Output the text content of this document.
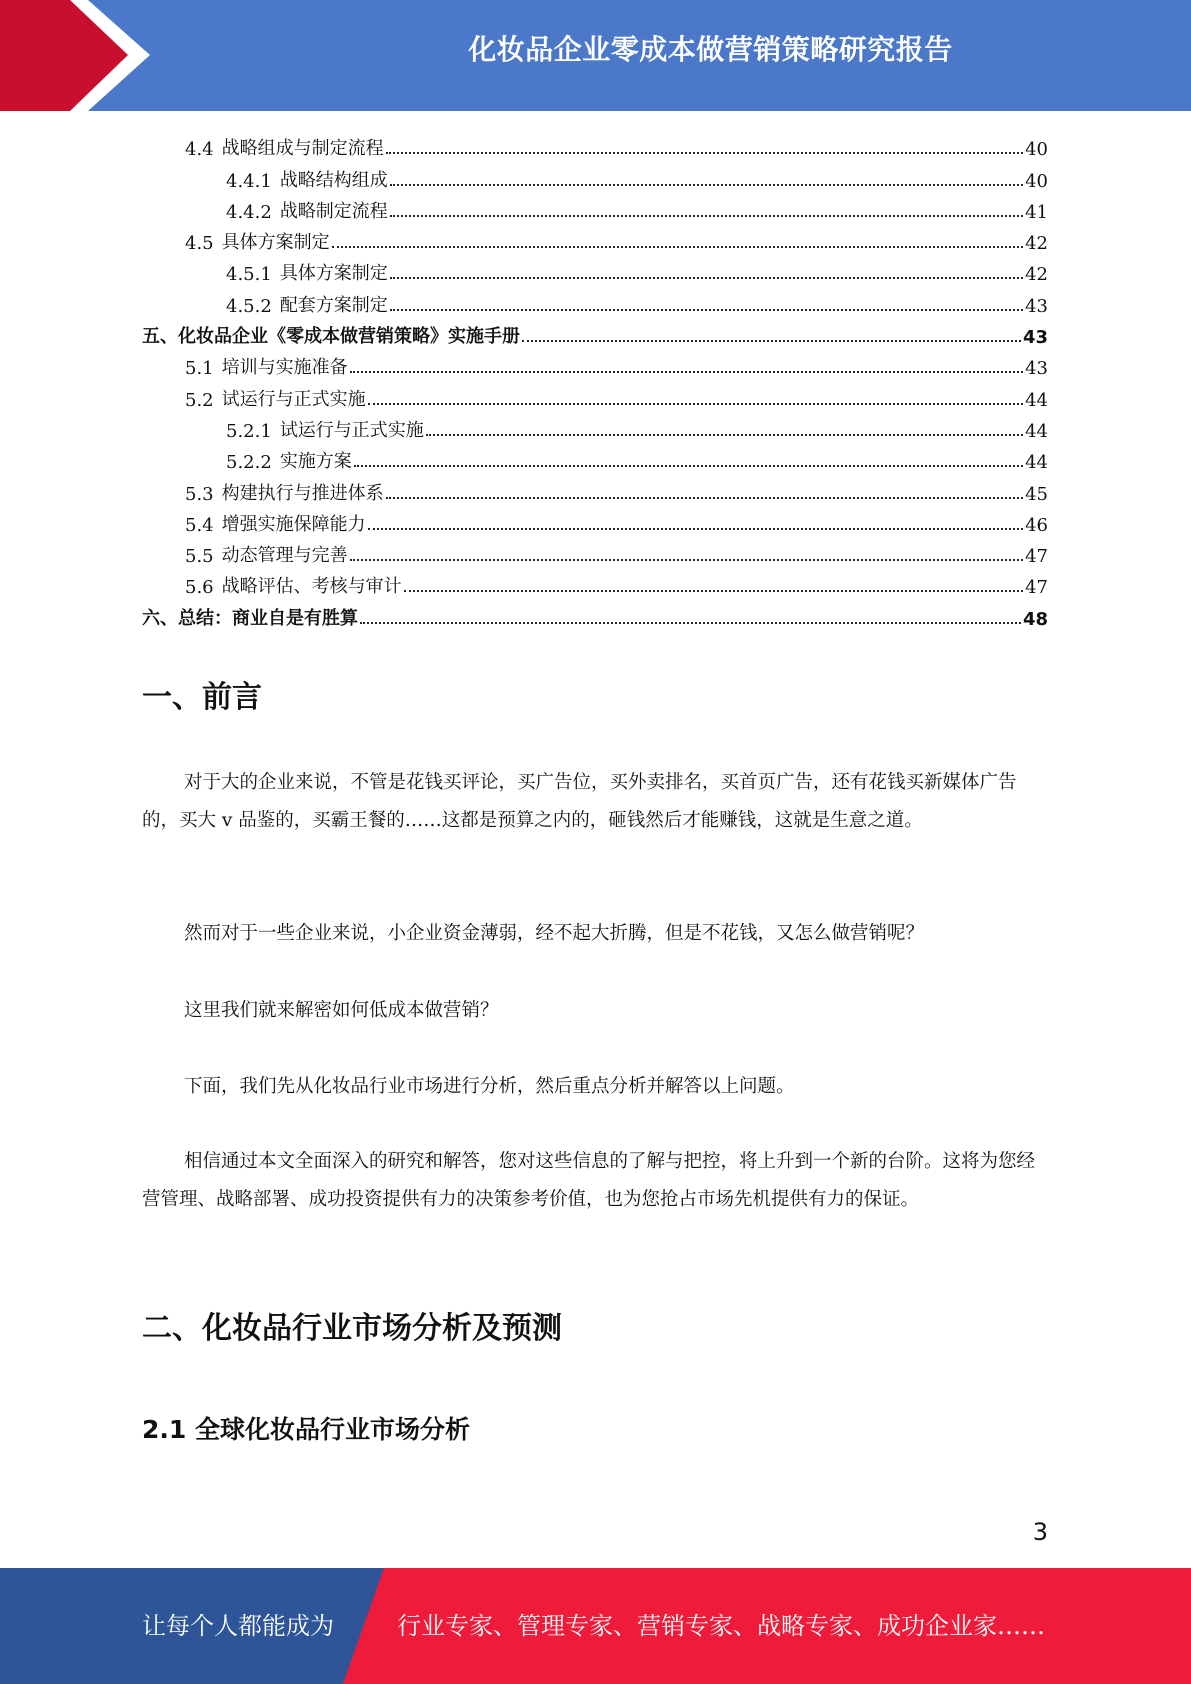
化妆品企业零成本做营销策略研究报告
4.4 战略组成与制定流程	40
4.4.1 战略结构组成	40
4.4.2 战略制定流程	41
4.5 具体方案制定	42
4.5.1 具体方案制定	42
4.5.2 配套方案制定	43
五、化妆品企业《零成本做营销策略》实施手册	43
5.1 培训与实施准备	43
5.2 试运行与正式实施	44
5.2.1 试运行与正式实施	44
5.2.2 实施方案	44
5.3 构建执行与推进体系	45
5.4 增强实施保障能力	46
5.5 动态管理与完善	47
5.6 战略评估、考核与审计	47
六、总结：商业自是有胜算	48
一、前言
对于大的企业来说，不管是花钱买评论，买广告位，买外卖排名，买首页广告，还有花钱买新媒体广告的，买大 v 品鉴的，买霸王餐的……这都是预算之内的，砸钱然后才能赚钱，这就是生意之道。
然而对于一些企业来说，小企业资金薄弱，经不起大折腾，但是不花钱，又怎么做营销呢？
这里我们就来解密如何低成本做营销？
下面，我们先从化妆品行业市场进行分析，然后重点分析并解答以上问题。
相信通过本文全面深入的研究和解答，您对这些信息的了解与把控，将上升到一个新的台阶。这将为您经营管理、战略部署、成功投资提供有力的决策参考价值，也为您抢占市场先机提供有力的保证。
二、化妆品行业市场分析及预测
2.1 全球化妆品行业市场分析
3
让每个人都能成为	行业专家、管理专家、营销专家、战略专家、成功企业家……
